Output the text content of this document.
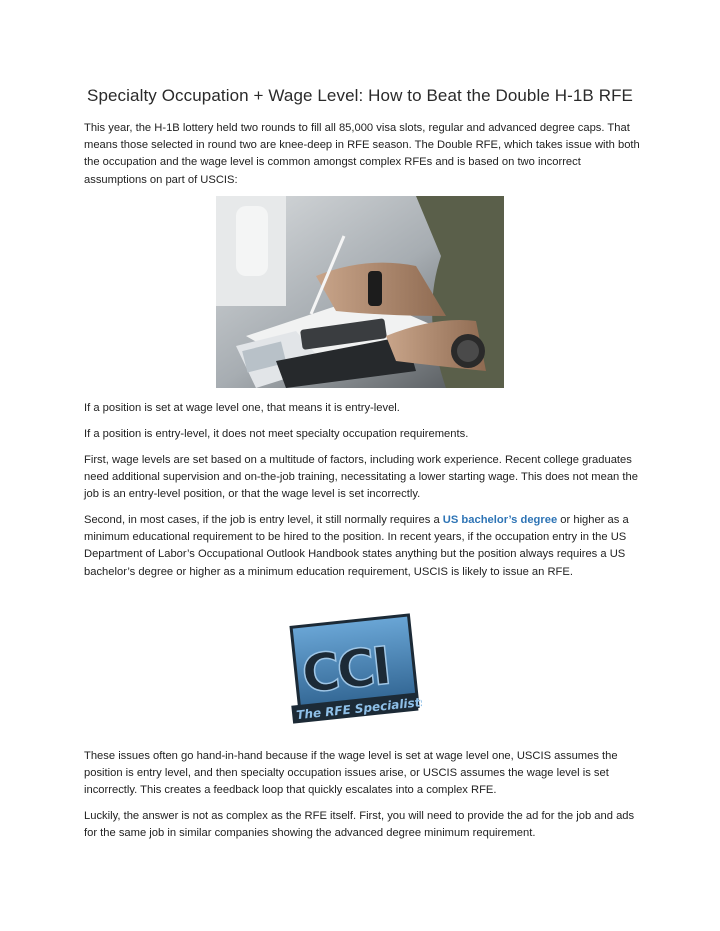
Specialty Occupation + Wage Level: How to Beat the Double H-1B RFE

This year, the H-1B lottery held two rounds to fill all 85,000 visa slots, regular and advanced degree caps. That means those selected in round two are knee-deep in RFE season. The Double RFE, which takes issue with both the occupation and the wage level is common amongst complex RFEs and is based on two incorrect assumptions on part of USCIS:

If a position is set at wage level one, that means it is entry-level.

If a position is entry-level, it does not meet specialty occupation requirements.

First, wage levels are set based on a multitude of factors, including work experience. Recent college graduates need additional supervision and on-the-job training, necessitating a lower starting wage. This does not mean the job is an entry-level position, or that the wage level is set incorrectly.

Second, in most cases, if the job is entry level, it still normally requires a US bachelor’s degree or higher as a minimum educational requirement to be hired to the position. In recent years, if the occupation entry in the US Department of Labor’s Occupational Outlook Handbook states anything but the position always requires a US bachelor’s degree or higher as a minimum education requirement, USCIS is likely to issue an RFE.

CCI
The RFE Specialists

These issues often go hand-in-hand because if the wage level is set at wage level one, USCIS assumes the position is entry level, and then specialty occupation issues arise, or USCIS assumes the wage level is set incorrectly. This creates a feedback loop that quickly escalates into a complex RFE.

Luckily, the answer is not as complex as the RFE itself. First, you will need to provide the ad for the job and ads for the same job in similar companies showing the advanced degree minimum requirement.
